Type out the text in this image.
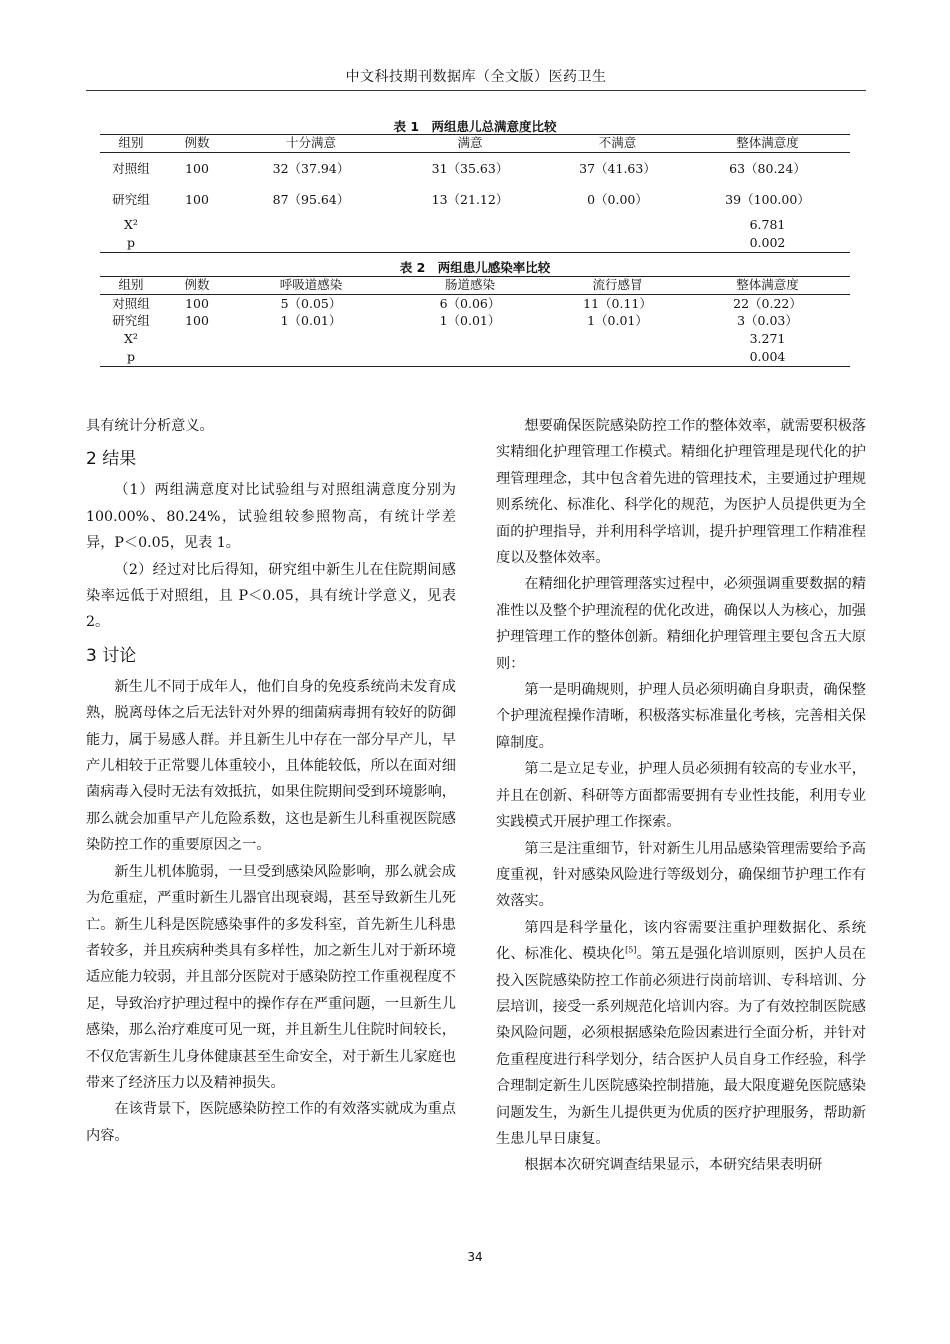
中文科技期刊数据库（全文版）医药卫生
表 1　两组患儿总满意度比较
组别	例数	十分满意	满意	不满意	整体满意度
对照组	100	32（37.94）	31（35.63）	37（41.63）	63（80.24）
研究组	100	87（95.64）	13（21.12）	0（0.00）	39（100.00）
X²					6.781
p					0.002
表 2　两组患儿感染率比较
组别	例数	呼吸道感染	肠道感染	流行感冒	整体满意度
对照组	100	5（0.05）	6（0.06）	11（0.11）	22（0.22）
研究组	100	1（0.01）	1（0.01）	1（0.01）	3（0.03）
X²					3.271
p					0.004

具有统计分析意义。

2 结果

（1）两组满意度对比试验组与对照组满意度分别为 100.00%、80.24%，试验组较参照物高，有统计学差异，P＜0.05，见表 1。

（2）经过对比后得知，研究组中新生儿在住院期间感染率远低于对照组，且 P＜0.05，具有统计学意义，见表 2。

3 讨论

新生儿不同于成年人，他们自身的免疫系统尚未发育成熟，脱离母体之后无法针对外界的细菌病毒拥有较好的防御能力，属于易感人群。并且新生儿中存在一部分早产儿，早产儿相较于正常婴儿体重较小，且体能较低，所以在面对细菌病毒入侵时无法有效抵抗，如果住院期间受到环境影响，那么就会加重早产儿危险系数，这也是新生儿科重视医院感染防控工作的重要原因之一。

新生儿机体脆弱，一旦受到感染风险影响，那么就会成为危重症，严重时新生儿器官出现衰竭，甚至导致新生儿死亡。新生儿科是医院感染事件的多发科室，首先新生儿科患者较多，并且疾病种类具有多样性，加之新生儿对于新环境适应能力较弱，并且部分医院对于感染防控工作重视程度不足，导致治疗护理过程中的操作存在严重问题，一旦新生儿感染，那么治疗难度可见一斑，并且新生儿住院时间较长，不仅危害新生儿身体健康甚至生命安全，对于新生儿家庭也带来了经济压力以及精神损失。

在该背景下，医院感染防控工作的有效落实就成为重点内容。

想要确保医院感染防控工作的整体效率，就需要积极落实精细化护理管理工作模式。精细化护理管理是现代化的护理管理理念，其中包含着先进的管理技术，主要通过护理规则系统化、标准化、科学化的规范，为医护人员提供更为全面的护理指导，并利用科学培训，提升护理管理工作精准程度以及整体效率。

在精细化护理管理落实过程中，必须强调重要数据的精准性以及整个护理流程的优化改进，确保以人为核心，加强护理管理工作的整体创新。精细化护理管理主要包含五大原则：

第一是明确规则，护理人员必须明确自身职责，确保整个护理流程操作清晰，积极落实标准量化考核，完善相关保障制度。

第二是立足专业，护理人员必须拥有较高的专业水平，并且在创新、科研等方面都需要拥有专业性技能，利用专业实践模式开展护理工作探索。

第三是注重细节，针对新生儿用品感染管理需要给予高度重视，针对感染风险进行等级划分，确保细节护理工作有效落实。

第四是科学量化，该内容需要注重护理数据化、系统化、标准化、模块化[5]。第五是强化培训原则，医护人员在投入医院感染防控工作前必须进行岗前培训、专科培训、分层培训，接受一系列规范化培训内容。为了有效控制医院感染风险问题，必须根据感染危险因素进行全面分析，并针对危重程度进行科学划分，结合医护人员自身工作经验，科学合理制定新生儿医院感染控制措施，最大限度避免医院感染问题发生，为新生儿提供更为优质的医疗护理服务，帮助新生患儿早日康复。

根据本次研究调查结果显示，本研究结果表明研

34
